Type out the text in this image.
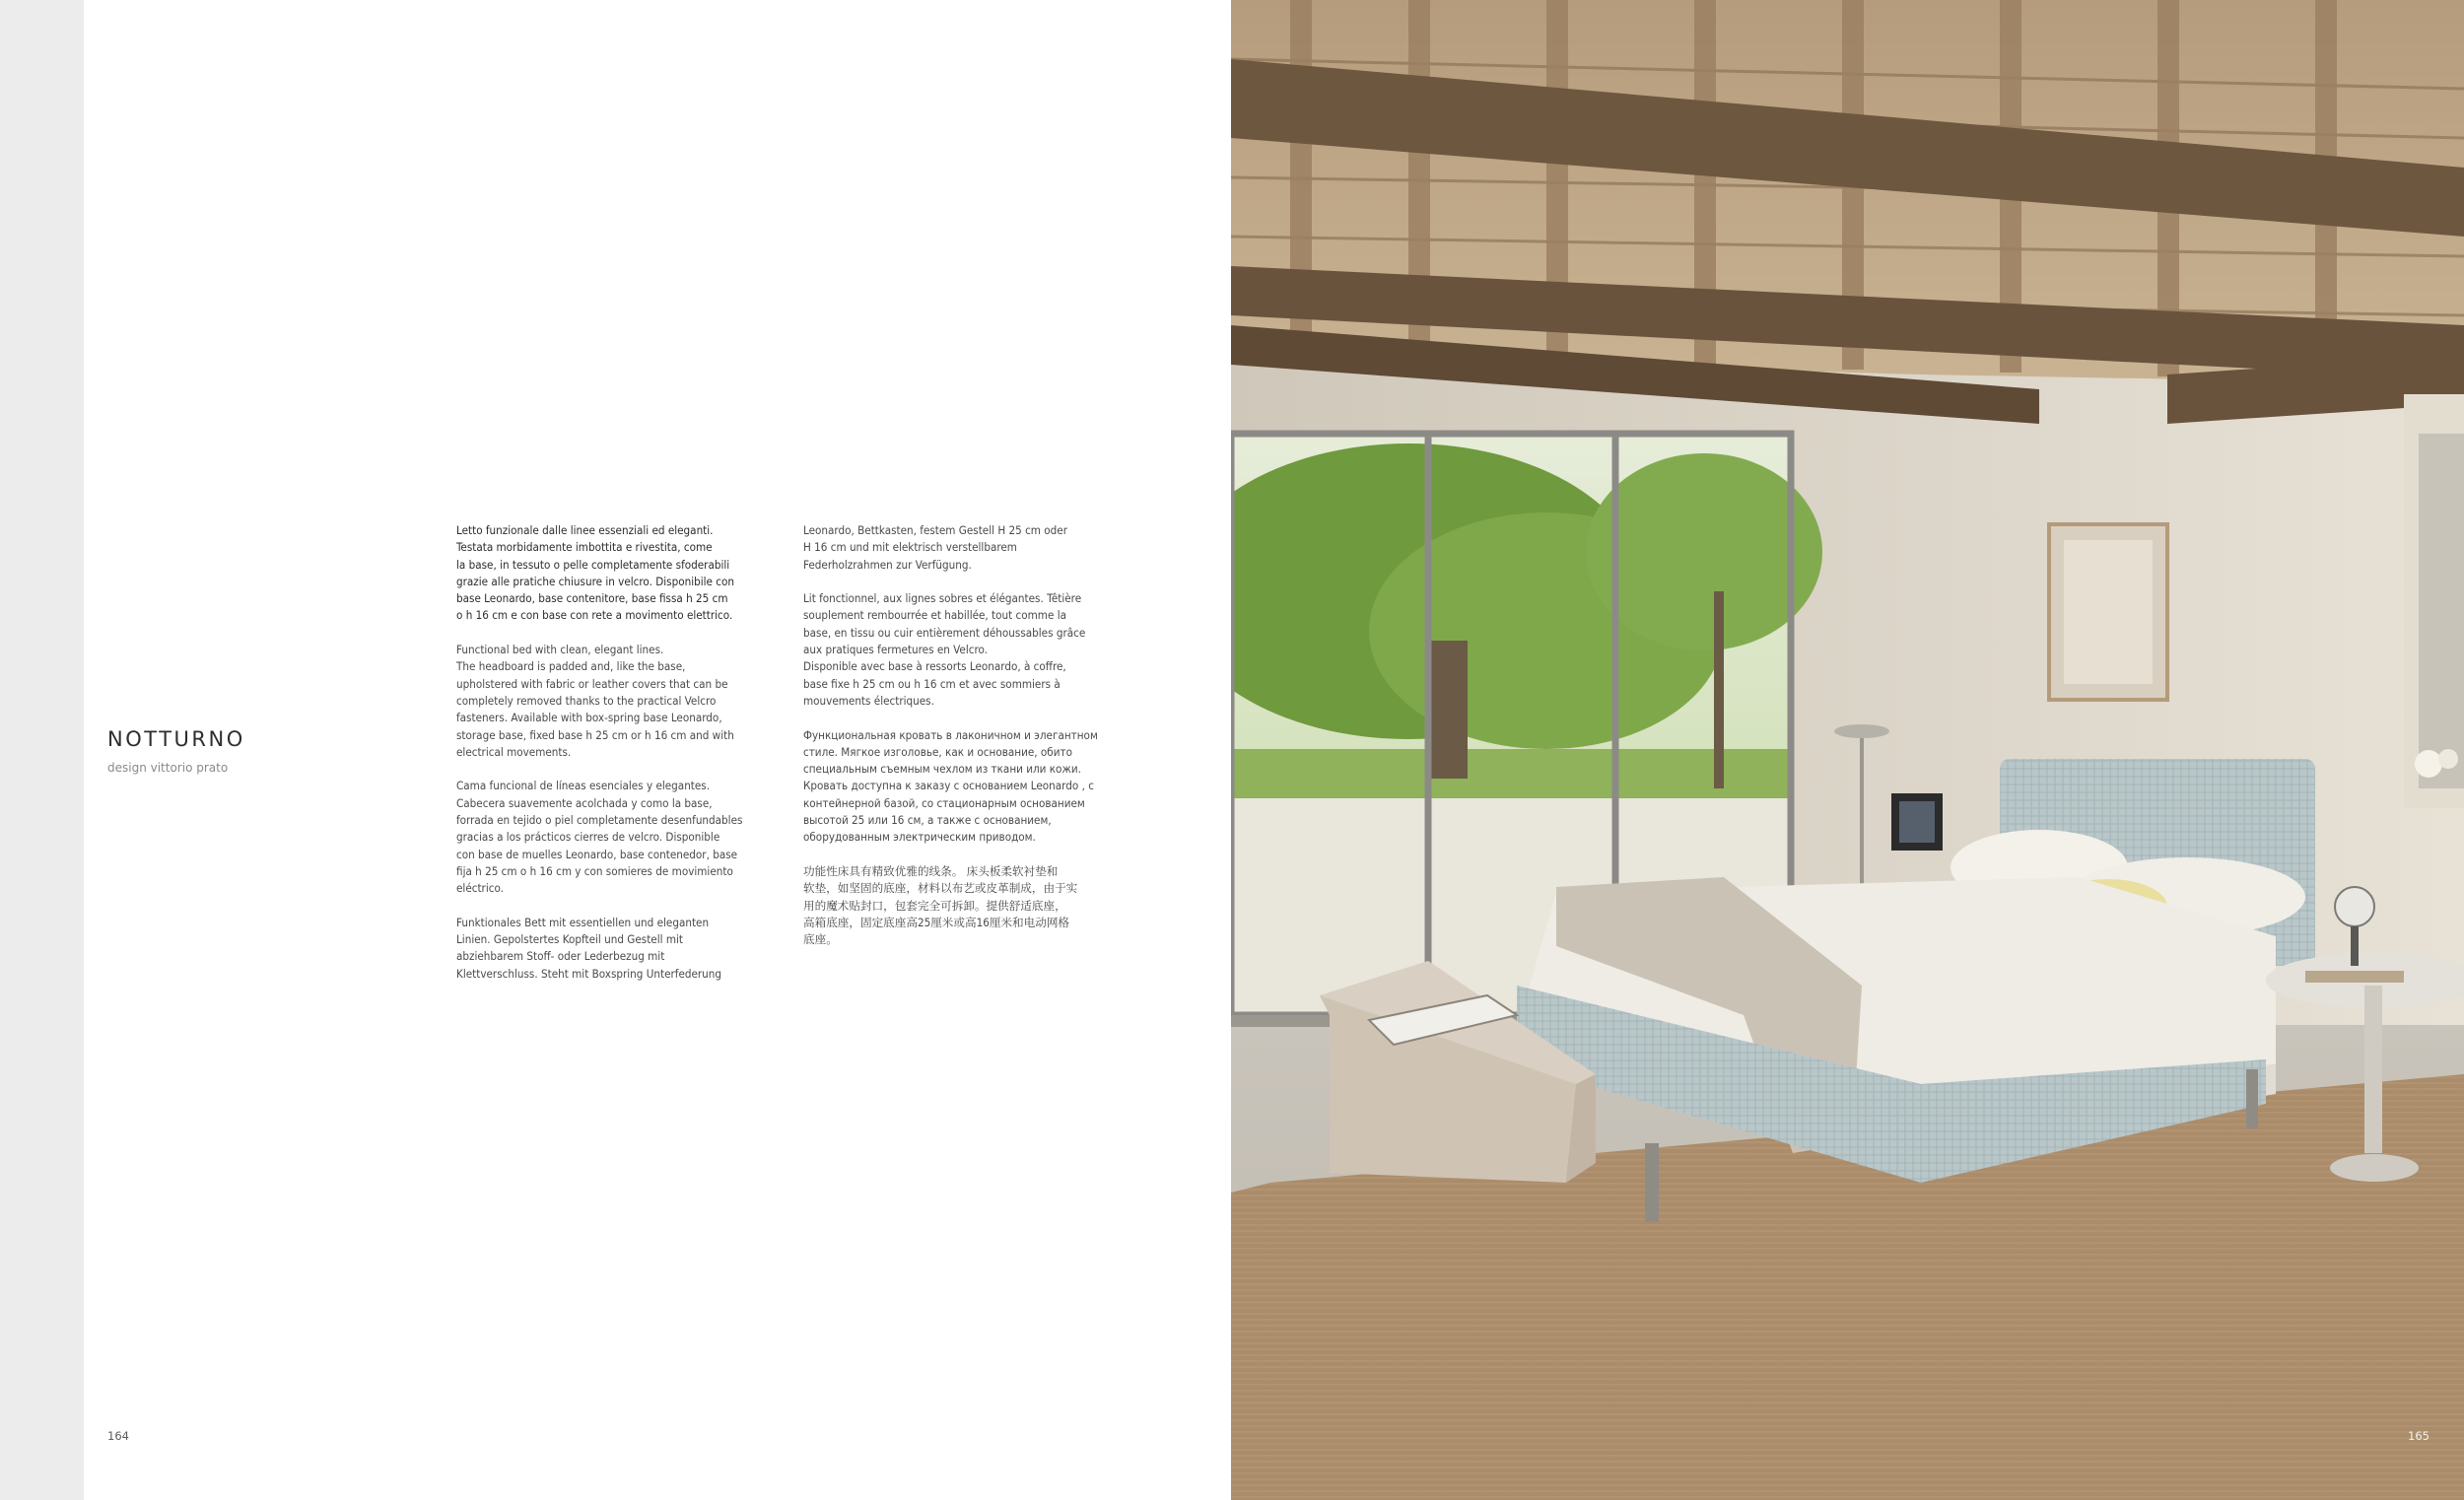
NOTTURNO
design vittorio prato

Letto funzionale dalle linee essenziali ed eleganti.
Testata morbidamente imbottita e rivestita, come
la base, in tessuto o pelle completamente sfoderabili
grazie alle pratiche chiusure in velcro. Disponibile con
base Leonardo, base contenitore, base fissa h 25 cm
o h 16 cm e con base con rete a movimento elettrico.

Functional bed with clean, elegant lines.
The headboard is padded and, like the base,
upholstered with fabric or leather covers that can be
completely removed thanks to the practical Velcro
fasteners. Available with box-spring base Leonardo,
storage base, fixed base h 25 cm or h 16 cm and with
electrical movements.

Cama funcional de líneas esenciales y elegantes.
Cabecera suavemente acolchada y como la base,
forrada en tejido o piel completamente desenfundables
gracias a los prácticos cierres de velcro. Disponible
con base de muelles Leonardo, base contenedor, base
fija h 25 cm o h 16 cm y con somieres de movimiento
eléctrico.

Funktionales Bett mit essentiellen und eleganten
Linien. Gepolstertes Kopfteil und Gestell mit
abziehbarem Stoff- oder Lederbezug mit
Klettverschluss. Steht mit Boxspring Unterfederung

Leonardo, Bettkasten, festem Gestell H 25 cm oder
H 16 cm und mit elektrisch verstellbarem
Federholzrahmen zur Verfügung.

Lit fonctionnel, aux lignes sobres et élégantes. Têtière
souplement rembourrée et habillée, tout comme la
base, en tissu ou cuir entièrement déhoussables grâce
aux pratiques fermetures en Velcro.
Disponible avec base à ressorts Leonardo, à coffre,
base fixe h 25 cm ou h 16 cm et avec sommiers à
mouvements électriques.

Функциональная кровать в лаконичном и элегантном
стиле. Мягкое изголовье, как и основание, обито
специальным съемным чехлом из ткани или кожи.
Кровать доступна к заказу с основанием Leonardo , с
контейнерной базой, со стационарным основанием
высотой 25 или 16 см, а также с основанием,
оборудованным электрическим приводом.

功能性床具有精致优雅的线条。 床头板柔软衬垫和
软垫，如坚固的底座，材料以布艺或皮革制成，由于实
用的魔术贴封口，包套完全可拆卸。提供舒适底座，
高箱底座，固定底座高25厘米或高16厘米和电动网格
底座。

164	165
